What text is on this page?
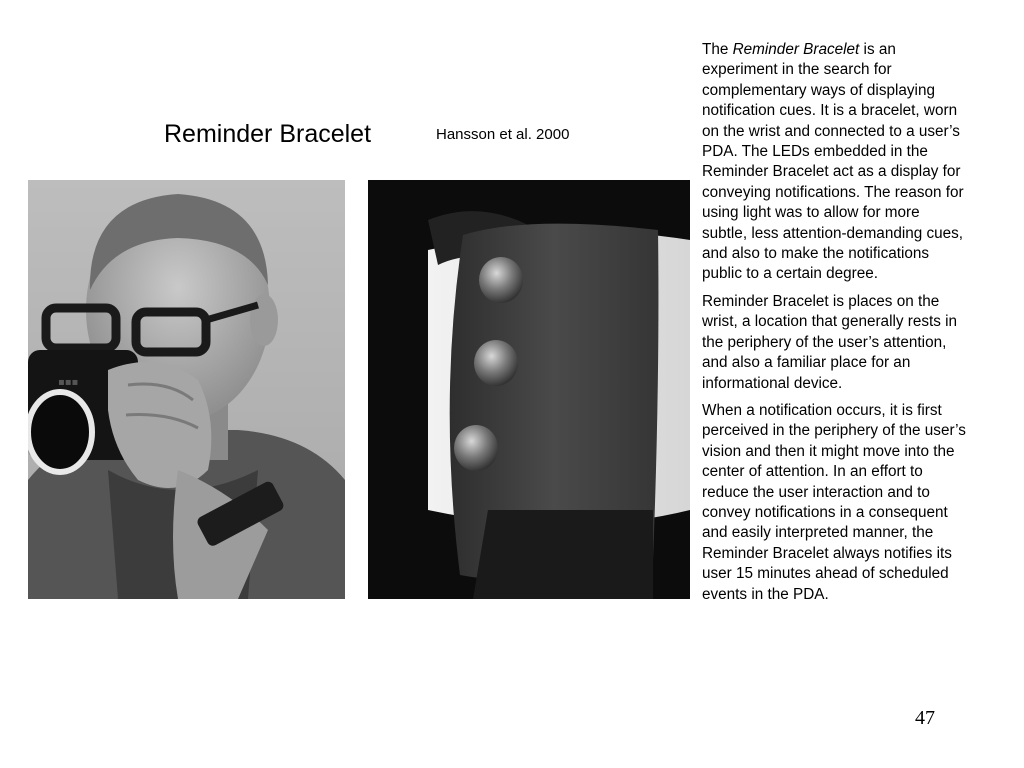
Reminder Bracelet	Hansson et al. 2000
▪▪▪

The Reminder Bracelet is an experiment in the search for complementary ways of displaying notification cues. It is a bracelet, worn on the wrist and connected to a user’s PDA. The LEDs embedded in the Reminder Bracelet act as a display for conveying notifications. The reason for using light was to allow for more subtle, less attention-demanding cues, and also to make the notifications public to a certain degree.

Reminder Bracelet is places on the wrist, a location that generally rests in the periphery of the user’s attention, and also a familiar place for an informational device.

When a notification occurs, it is first perceived in the periphery of the user’s vision and then it might move into the center of attention. In an effort to reduce the user interaction and to convey notifications in a consequent and easily interpreted manner, the Reminder Bracelet always notifies its user 15 minutes ahead of scheduled events in the PDA.

47
